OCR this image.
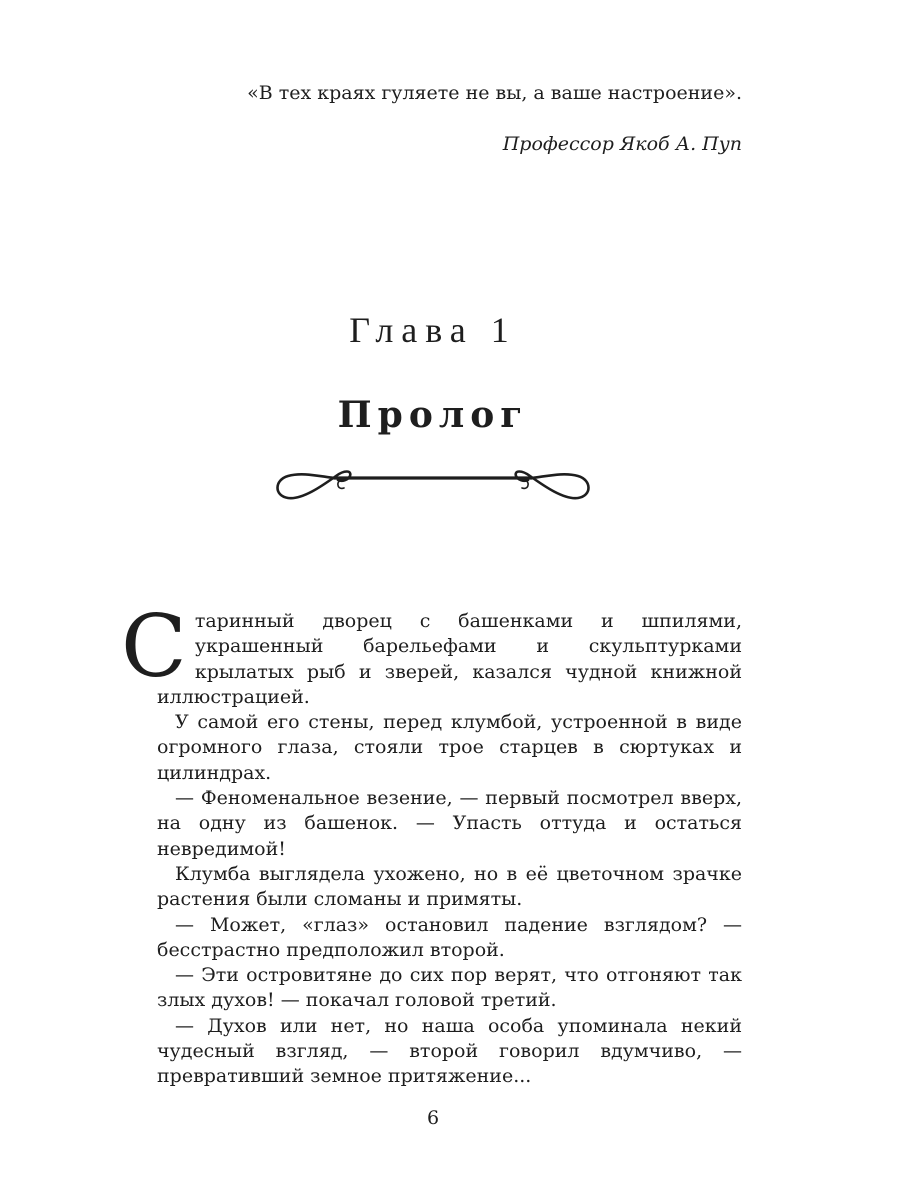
«В тех краях гуляете не вы, а ваше настроение».
Профессор Якоб А. Пуп
Глава 1
Пролог

Старинный дворец с башенками и шпилями, украшенный барельефами и скульптурками крылатых рыб и зверей, казался чудной книжной иллюстрацией.

У самой его стены, перед клумбой, устроенной в виде огромного глаза, стояли трое старцев в сюртуках и цилиндрах.

— Феноменальное везение, — первый посмотрел вверх, на одну из башенок. — Упасть оттуда и остаться невредимой!

Клумба выглядела ухожено, но в её цветочном зрачке растения были сломаны и примяты.

— Может, «глаз» остановил падение взглядом? — бесстрастно предположил второй.

— Эти островитяне до сих пор верят, что отгоняют так злых духов! — покачал головой третий.

— Духов или нет, но наша особа упоминала некий чудесный взгляд, — второй говорил вдумчиво, — превративший земное притяжение...

6
